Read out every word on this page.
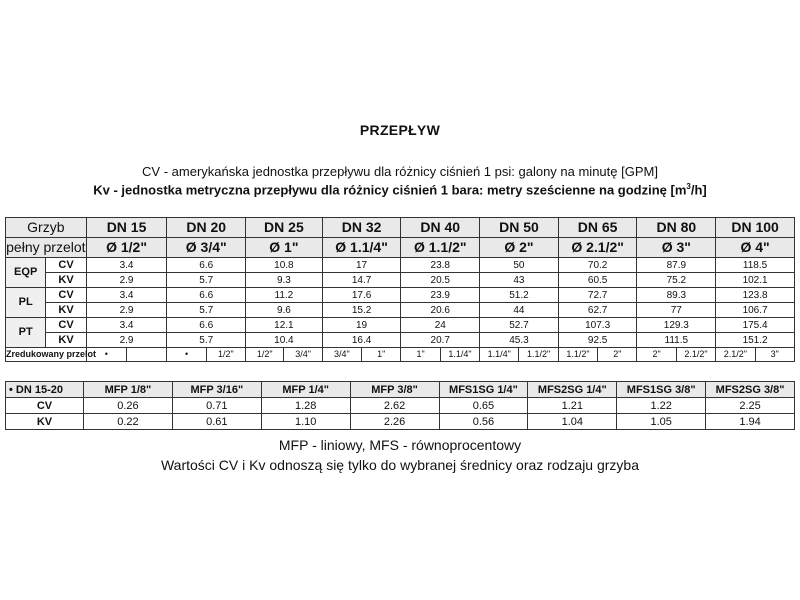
PRZEPŁYW
CV - amerykańska jednostka przepływu dla różnicy ciśnień 1 psi: galony na minutę [GPM]
Kv - jednostka metryczna przepływu dla różnicy ciśnień 1 bara: metry sześcienne na godzinę $[m^3/h]$
Grzyb		DN 15		DN 20		DN 25		DN 32		DN 40		DN 50		DN 65		DN 80		DN 100	
pełny przelot		Ø 1/2"		Ø 3/4"		Ø 1"		Ø 1.1/4"		Ø 1.1/2"		Ø 2"		Ø 2.1/2"		Ø 3"		Ø 4"	
EQP	CV	3.4		6.6		10.8		17		23.8		50		70.2		87.9		118.5	
	KV	2.9		5.7		9.3		14.7		20.5		43		60.5		75.2		102.1	
PL	CV	3.4		6.6		11.2		17.6		23.9		51.2		72.7		89.3		123.8	
	KV	2.9		5.7		9.6		15.2		20.6		44		62.7		77		106.7	
PT	CV	3.4		6.6		12.1		19		24		52.7		107.3		129.3		175.4	
	KV	2.9		5.7		10.4		16.4		20.7		45.3		92.5		111.5		151.2	
Zredukowany przelot		•		•	1/2"	1/2"	3/4"	3/4"	1"	1"	1.1/4"	1.1/4"	1.1/2"	1.1/2"	2"	2"	2.1/2"	2.1/2"	3"
• DN 15-20	MFP 1/8"	MFP 3/16"	MFP 1/4"	MFP 3/8"	MFS1SG 1/4"	MFS2SG 1/4"	MFS1SG 3/8"	MFS2SG 3/8"
CV	0.26	0.71	1.28	2.62	0.65	1.21	1.22	2.25
KV	0.22	0.61	1.10	2.26	0.56	1.04	1.05	1.94
MFP - liniowy, MFS - równoprocentowy
Wartości CV i Kv odnoszą się tylko do wybranej średnicy oraz rodzaju grzyba
